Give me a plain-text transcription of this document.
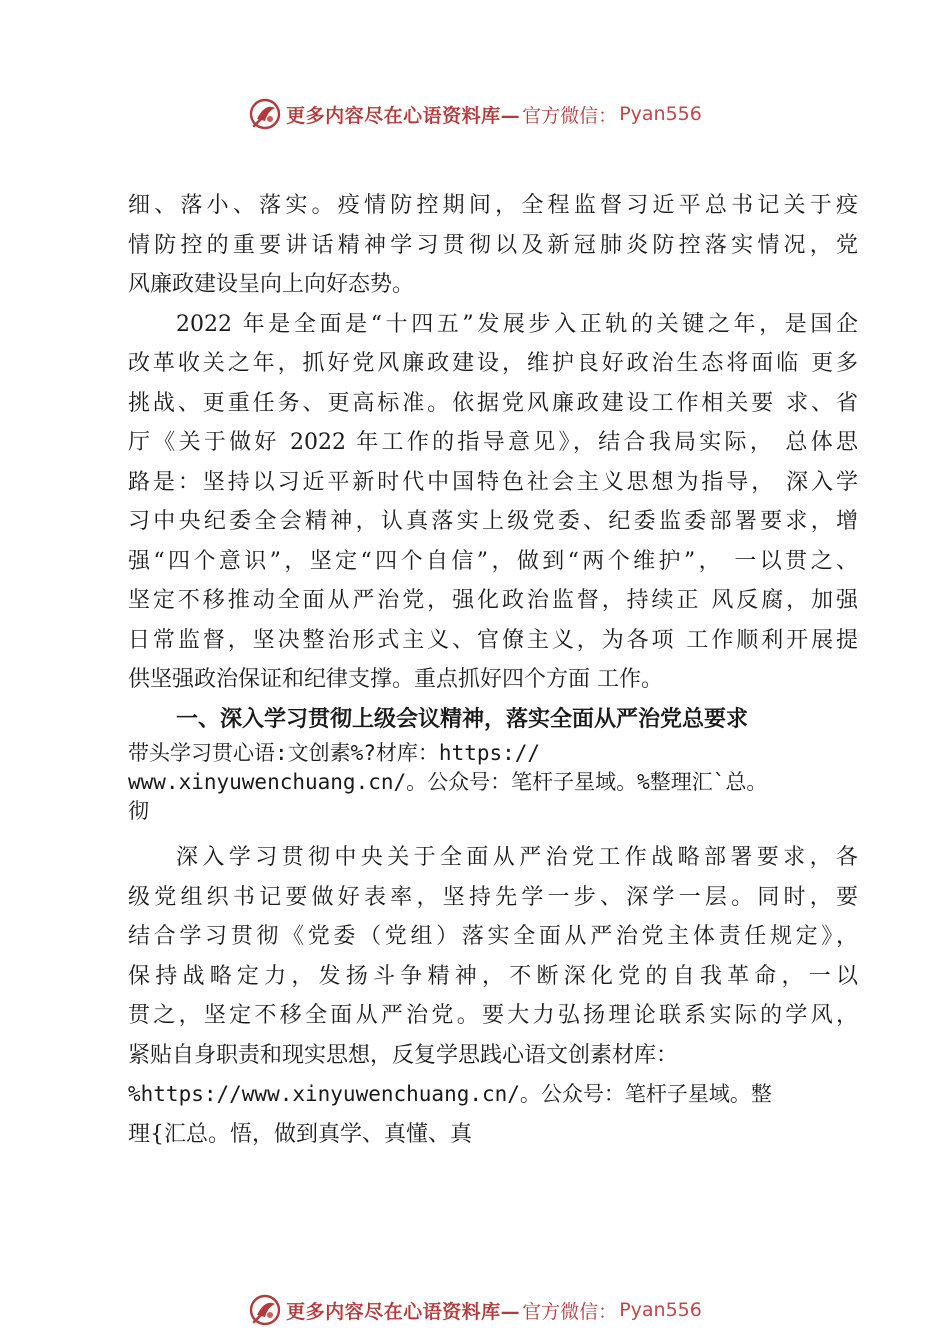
更多内容尽在心语资料库— 官方微信： Pyan556
细、落小、落实。疫情防控期间，全程监督习近平总书记关于疫
情防控的重要讲话精神学习贯彻以及新冠肺炎防控落实情况，党
风廉政建设呈向上向好态势。
2022 年是全面是“十四五”发展步入正轨的关键之年，是国企
改革收关之年，抓好党风廉政建设，维护良好政治生态将面临 更多
挑战、更重任务、更高标准。依据党风廉政建设工作相关要 求、省
厅《关于做好 2022 年工作的指导意见》，结合我局实际， 总体思
路是：坚持以习近平新时代中国特色社会主义思想为指导， 深入学
习中央纪委全会精神，认真落实上级党委、纪委监委部署要求，增
强“四个意识”，坚定“四个自信”，做到“两个维护”， 一以贯之、
坚定不移推动全面从严治党，强化政治监督，持续正 风反腐，加强
日常监督，坚决整治形式主义、官僚主义，为各项 工作顺利开展提
供坚强政治保证和纪律支撑。重点抓好四个方面 工作。
一、深入学习贯彻上级会议精神，落实全面从严治党总要求
带头学习贯心语:文创素%?材库：https://
www.xinyuwenchuang.cn/。公众号：笔杆子星域。%整理汇`总。
彻
深入学习贯彻中央关于全面从严治党工作战略部署要求，各
级党组织书记要做好表率，坚持先学一步、深学一层。同时，要
结合学习贯彻《党委（党组）落实全面从严治党主体责任规定》，
保持战略定力，发扬斗争精神，不断深化党的自我革命，一以
贯之，坚定不移全面从严治党。要大力弘扬理论联系实际的学风，
紧贴自身职责和现实思想，反复学思践心语文创素材库：
%https://www.xinyuwenchuang.cn/。公众号：笔杆子星域。整
理{汇总。悟，做到真学、真懂、真
更多内容尽在心语资料库— 官方微信： Pyan556
